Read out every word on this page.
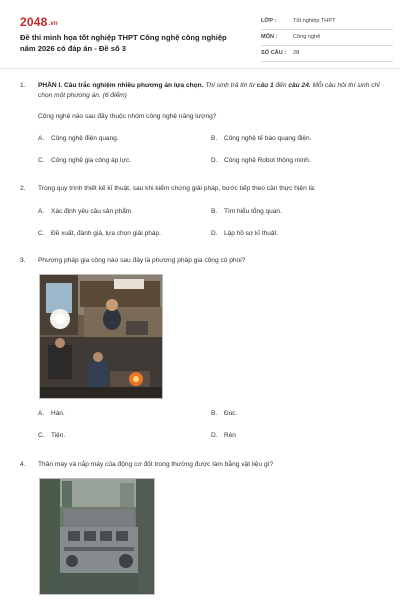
2048.vn
Đề thi minh họa tốt nghiệp THPT Công nghệ công nghiệp năm 2026 có đáp án - Đề số 3
LỚP :	Tốt nghiệp THPT
MÔN :	Công nghệ
SỐ CÂU : 28
1. PHẦN I. Câu trắc nghiệm nhiều phương án lựa chọn. Thí sinh trả lời từ câu 1 đến câu 24. Mỗi câu hỏi thí sinh chỉ chọn một phương án. (6 điểm)
Công nghệ nào sau đây thuộc nhóm công nghệ năng lượng?
A. Công nghệ điện quang.	B. Công nghệ tế bào quang điện.
C. Công nghệ gia công áp lực.	D. Công nghệ Robot thông minh.
2. Trong quy trình thiết kế kĩ thuật, sau khi kiểm chứng giải pháp, bước tiếp theo cần thực hiện là:
A. Xác định yêu cầu sản phẩm.	B. Tìm hiểu tổng quan.
C. Đề xuất, đánh giá, lựa chọn giải pháp.	D. Lập hồ sơ kĩ thuật.
3. Phương pháp gia công nào sau đây là phương pháp gia công có phoi?
A. Hàn.	B. Đúc.
C. Tiện.	D. Rèn
4. Thân máy và nắp máy của động cơ đốt trong thường được làm bằng vật liệu gì?
